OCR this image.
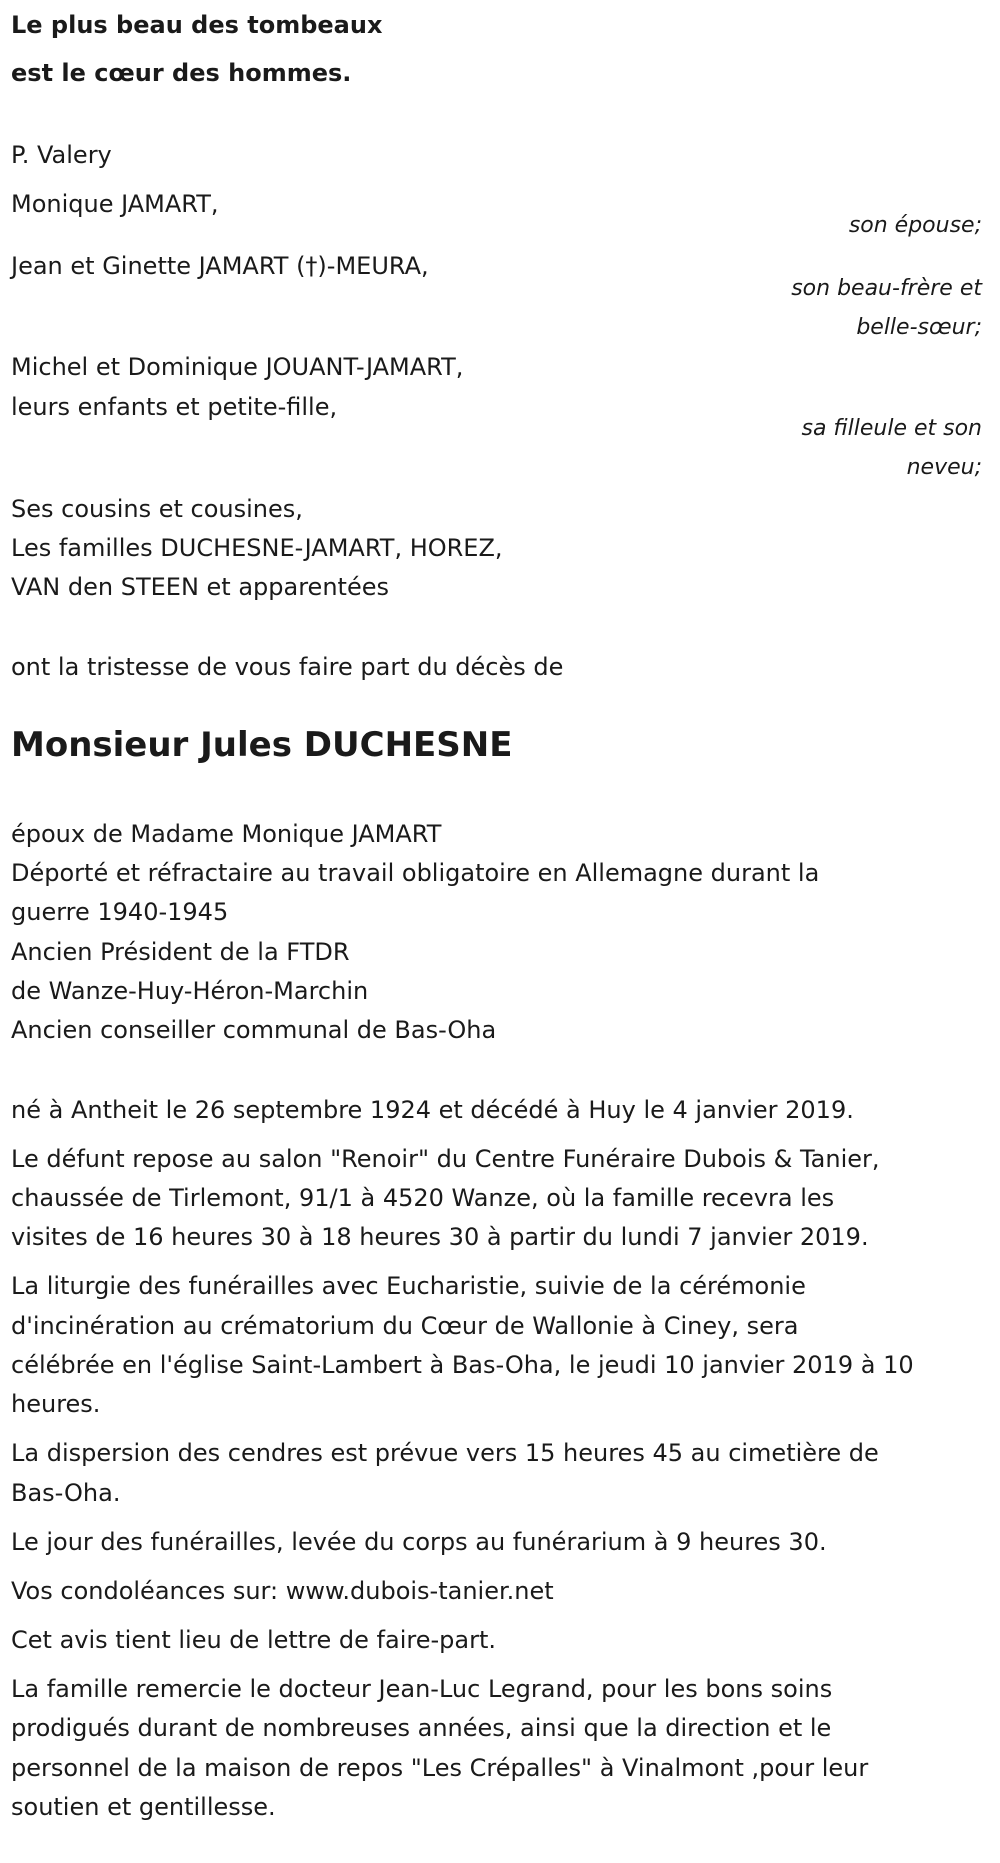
Le plus beau des tombeaux

est le cœur des hommes.

P. Valery

Monique JAMART,

son épouse;

Jean et Ginette JAMART (†)-MEURA,

son beau-frère et

belle-sœur;

Michel et Dominique JOUANT-JAMART,

leurs enfants et petite-fille,

sa filleule et son

neveu;

Ses cousins et cousines,

Les familles DUCHESNE-JAMART, HOREZ,

VAN den STEEN et apparentées

ont la tristesse de vous faire part du décès de

Monsieur Jules DUCHESNE

époux de Madame Monique JAMART

Déporté et réfractaire au travail obligatoire en Allemagne durant la

guerre 1940-1945

Ancien Président de la FTDR

de Wanze-Huy-Héron-Marchin

Ancien conseiller communal de Bas-Oha

né à Antheit le 26 septembre 1924 et décédé à Huy le 4 janvier 2019.

Le défunt repose au salon "Renoir" du Centre Funéraire Dubois & Tanier,

chaussée de Tirlemont, 91/1 à 4520 Wanze, où la famille recevra les

visites de 16 heures 30 à 18 heures 30 à partir du lundi 7 janvier 2019.

La liturgie des funérailles avec Eucharistie, suivie de la cérémonie

d'incinération au crématorium du Cœur de Wallonie à Ciney, sera

célébrée en l'église Saint-Lambert à Bas-Oha, le jeudi 10 janvier 2019 à 10

heures.

La dispersion des cendres est prévue vers 15 heures 45 au cimetière de

Bas-Oha.

Le jour des funérailles, levée du corps au funérarium à 9 heures 30.

Vos condoléances sur: www.dubois-tanier.net

Cet avis tient lieu de lettre de faire-part.

La famille remercie le docteur Jean-Luc Legrand, pour les bons soins

prodigués durant de nombreuses années, ainsi que la direction et le

personnel de la maison de repos "Les Crépalles" à Vinalmont ,pour leur

soutien et gentillesse.
